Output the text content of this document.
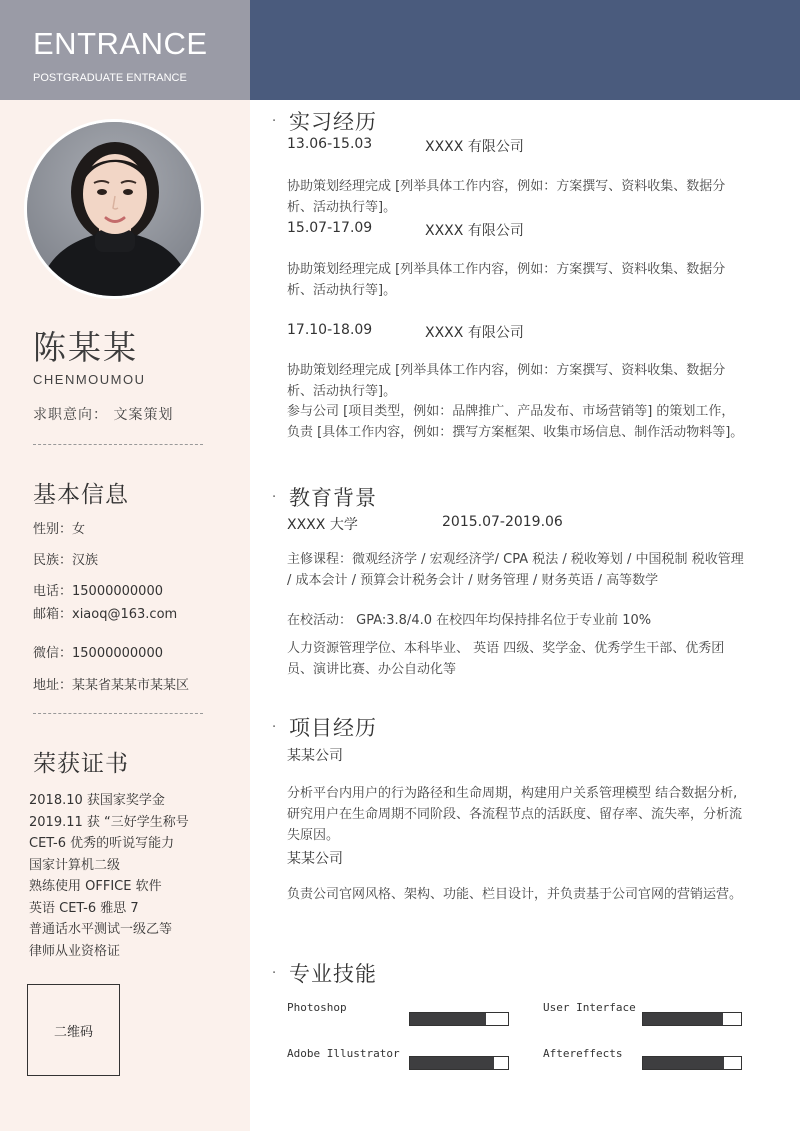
ENTRANCE
POSTGRADUATE ENTRANCE
陈某某
CHENMOUMOU
求职意向： 文案策划
基本信息
性别：女
民族：汉族
电话：15000000000
邮箱：xiaoq@163.com
微信：15000000000
地址：某某省某某市某某区
荣获证书
2018.10 获国家奖学金
2019.11 获 “三好学生称号
CET-6 优秀的听说写能力
国家计算机二级
熟练使用 OFFICE 软件
英语 CET-6 雅思 7
普通话水平测试一级乙等
律师从业资格证
二维码
· 实习经历
13.06-15.03	XXXX 有限公司
协助策划经理完成 [列举具体工作内容，例如：方案撰写、资料收集、数据分析、活动执行等]。
15.07-17.09	XXXX 有限公司
协助策划经理完成 [列举具体工作内容，例如：方案撰写、资料收集、数据分析、活动执行等]。
17.10-18.09	XXXX 有限公司
协助策划经理完成 [列举具体工作内容，例如：方案撰写、资料收集、数据分析、活动执行等]。
参与公司 [项目类型，例如：品牌推广、产品发布、市场营销等] 的策划工作，负责 [具体工作内容，例如：撰写方案框架、收集市场信息、制作活动物料等]。
· 教育背景
XXXX 大学	2015.07-2019.06
主修课程：微观经济学 / 宏观经济学/ CPA 税法 / 税收筹划 / 中国税制 税收管理 / 成本会计 / 预算会计税务会计 / 财务管理 / 财务英语 / 高等数学
在校活动： GPA:3.8/4.0 在校四年均保持排名位于专业前 10%
人力资源管理学位、本科毕业、 英语 四级、奖学金、优秀学生干部、优秀团员、演讲比赛、办公自动化等
· 项目经历
某某公司
分析平台内用户的行为路径和生命周期，构建用户关系管理模型 结合数据分析,研究用户在生命周期不同阶段、各流程节点的活跃度、留存率、流失率，分析流失原因。
某某公司
负责公司官网风格、架构、功能、栏目设计，并负责基于公司官网的营销运营。
· 专业技能
Photoshop	User Interface
Adobe Illustrator	Aftereffects
